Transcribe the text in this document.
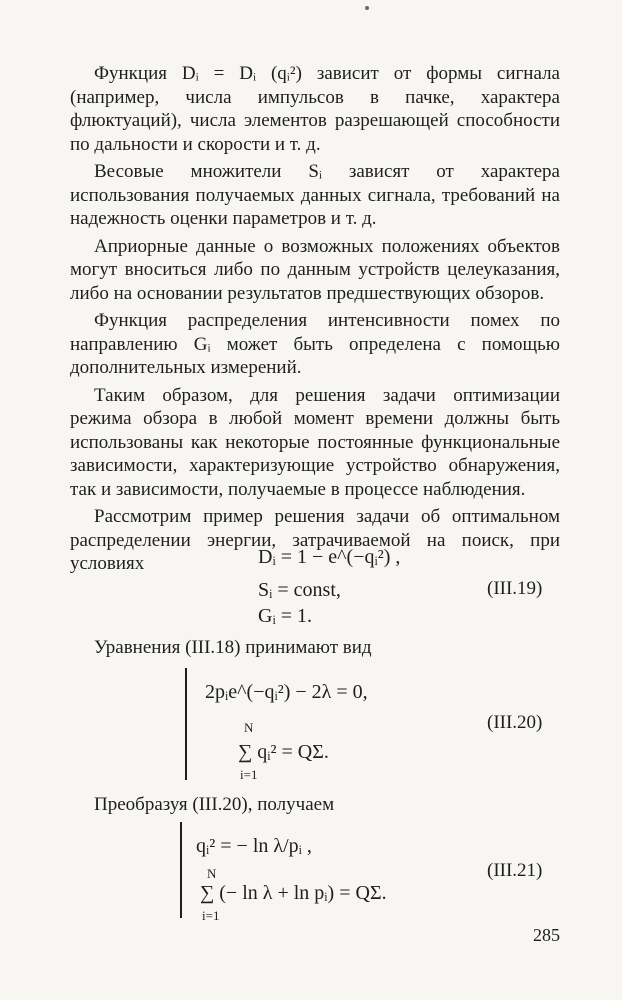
Функция Dᵢ = Dᵢ (qᵢ²) зависит от формы сигнала (например, числа импульсов в пачке, характера флюктуаций), числа элементов разрешающей способности по дальности и скорости и т. д.

Весовые множители Sᵢ зависят от характера использования получаемых данных сигнала, требований на надежность оценки параметров и т. д.

Априорные данные о возможных положениях объектов могут вноситься либо по данным устройств целеуказания, либо на основании результатов предшествующих обзоров.

Функция распределения интенсивности помех по направлению Gᵢ может быть определена с помощью дополнительных измерений.

Таким образом, для решения задачи оптимизации режима обзора в любой момент времени должны быть использованы как некоторые постоянные функциональные зависимости, характеризующие устройство обнаружения, так и зависимости, получаемые в процессе наблюдения.

Рассмотрим пример решения задачи об оптимальном распределении энергии, затрачиваемой на поиск, при условиях	Dᵢ = 1 − e^(−qᵢ²) ,
Sᵢ = const,
Gᵢ = 1.
(III.19)

Уравнения (III.18) принимают вид

2pᵢe^(−qᵢ²) − 2λ = 0,
N
∑ qᵢ² = QΣ.
i=1
(III.20)

Преобразуя (III.20), получаем

qᵢ² = − ln λ/pᵢ ,
N
∑ (− ln λ + ln pᵢ) = QΣ.
i=1
(III.21)
285
